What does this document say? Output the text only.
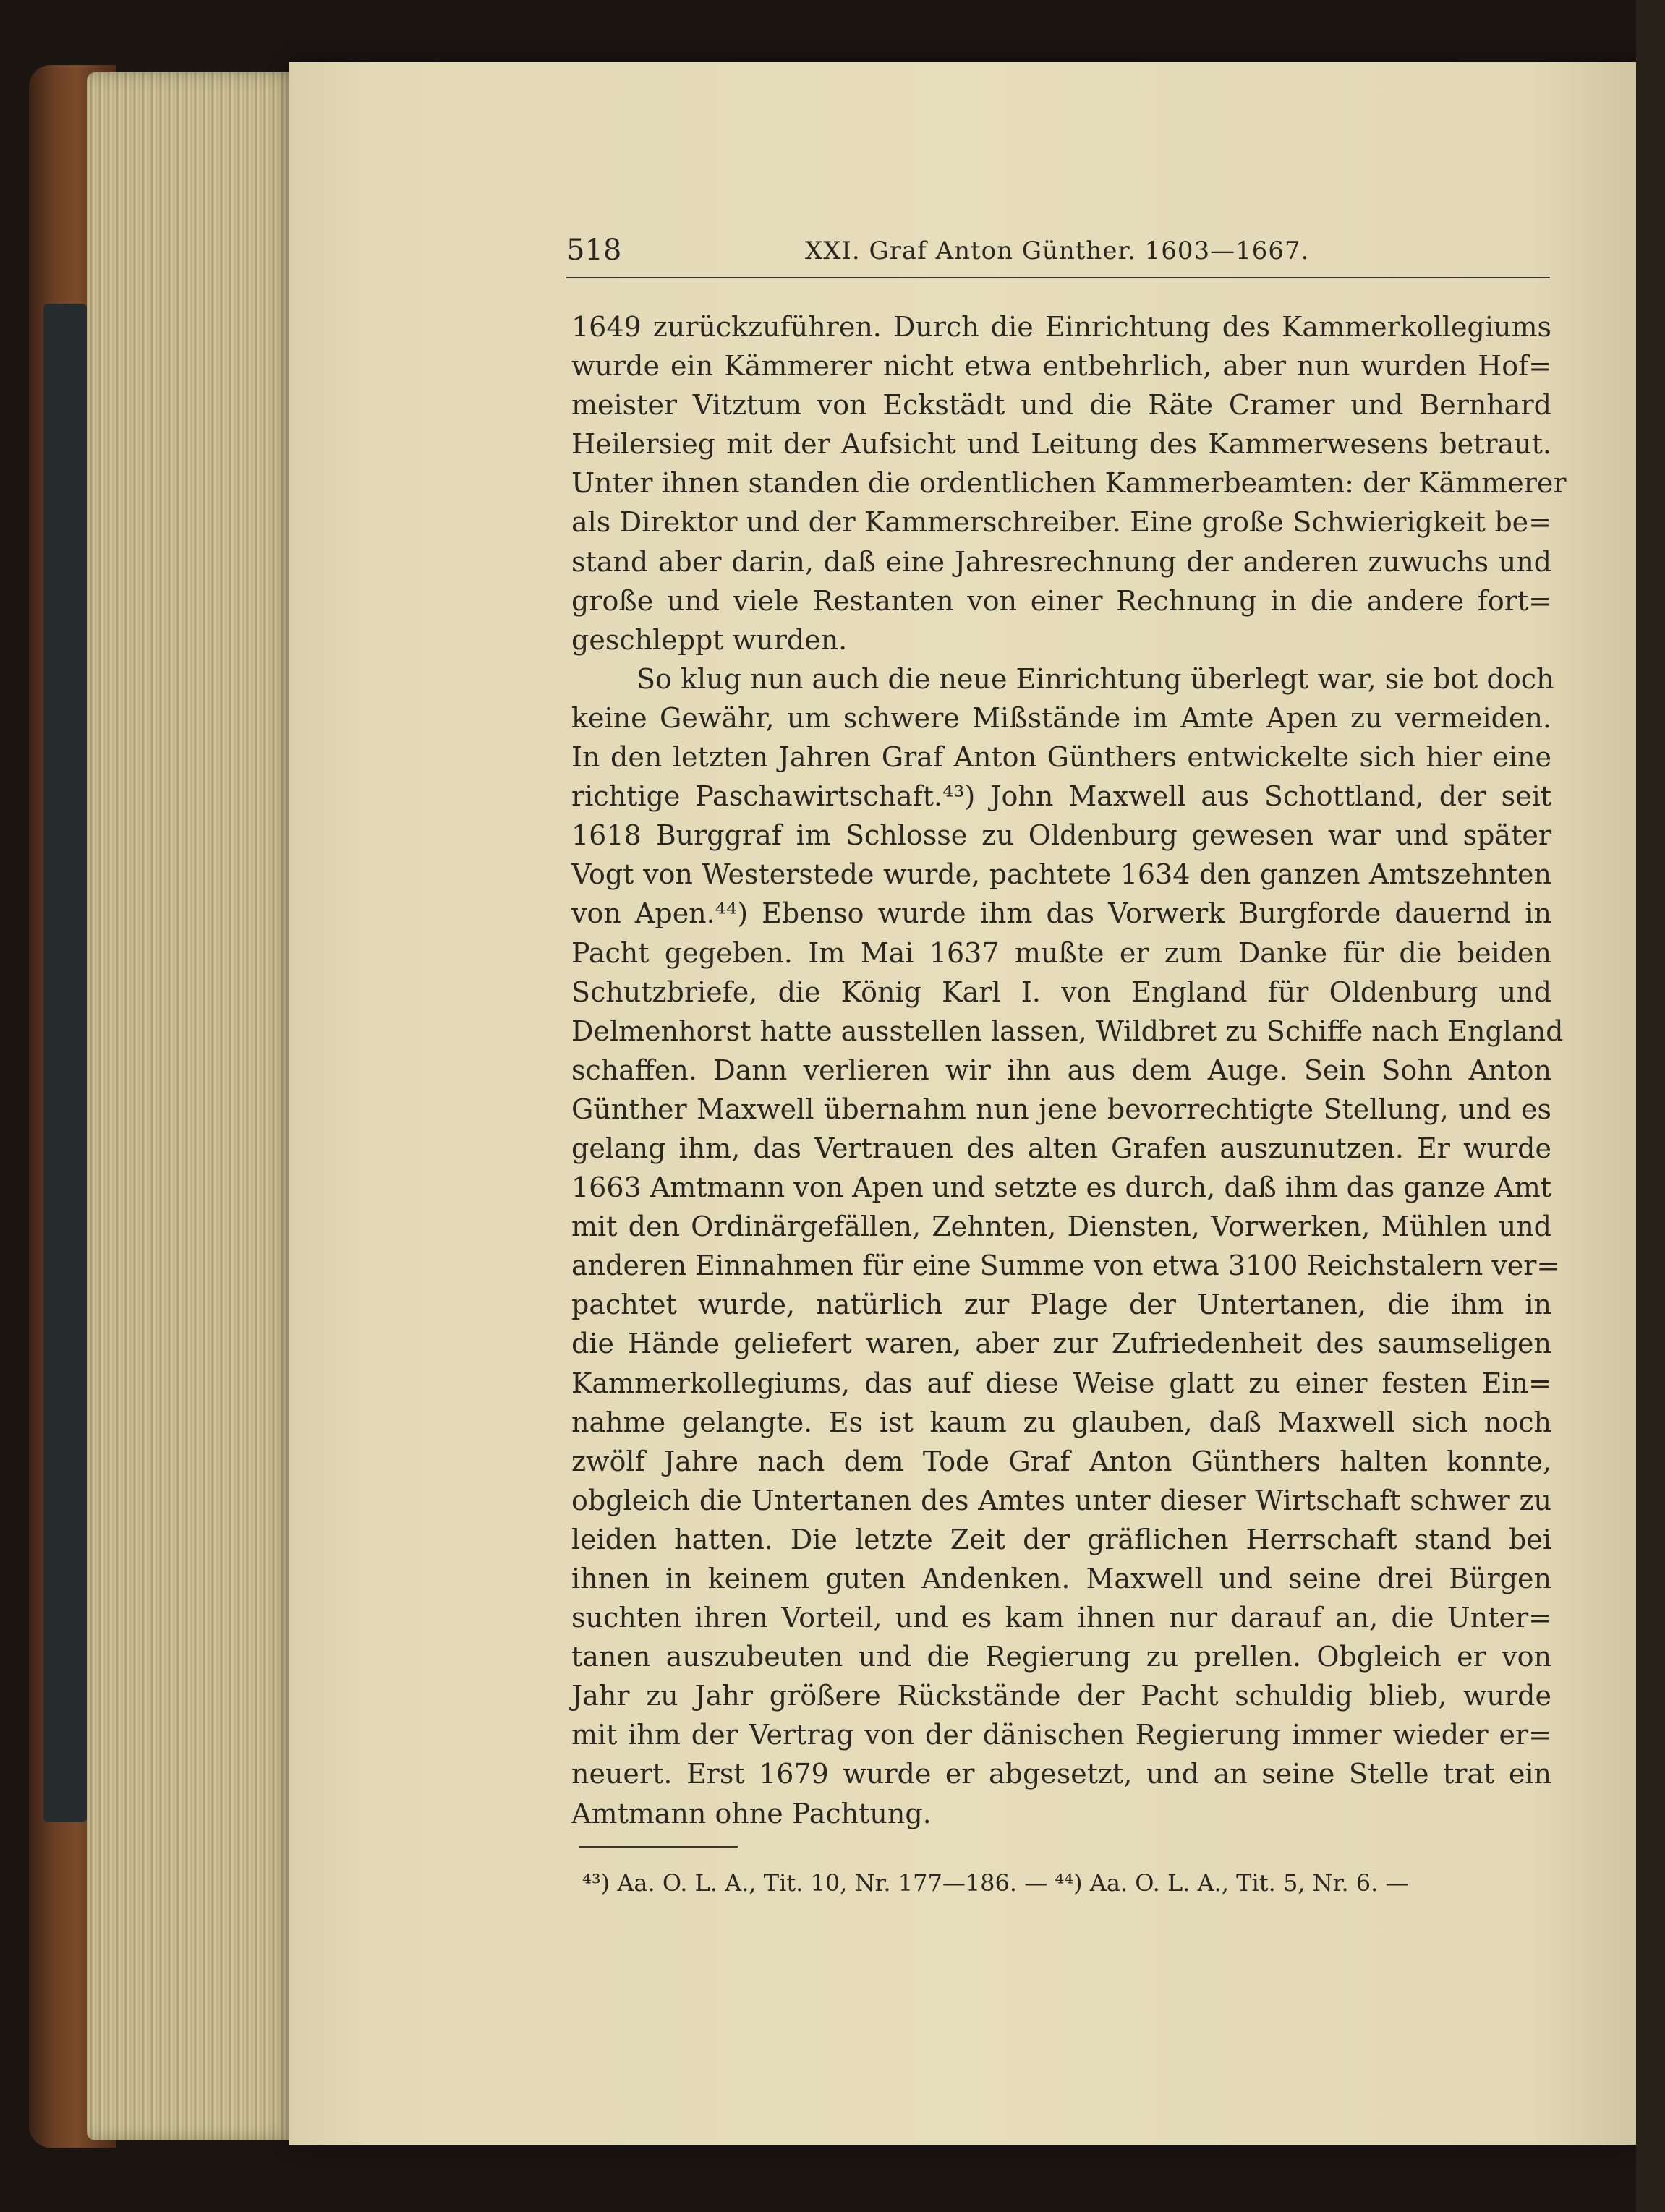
518	XXI. Graf Anton Günther. 1603—1667.
1649 zurückzuführen. Durch die Einrichtung des Kammerkollegiums
wurde ein Kämmerer nicht etwa entbehrlich, aber nun wurden Hof=
meister Vitztum von Eckstädt und die Räte Cramer und Bernhard
Heilersieg mit der Aufsicht und Leitung des Kammerwesens betraut.
Unter ihnen standen die ordentlichen Kammerbeamten: der Kämmerer
als Direktor und der Kammerschreiber. Eine große Schwierigkeit be=
stand aber darin, daß eine Jahresrechnung der anderen zuwuchs und
große und viele Restanten von einer Rechnung in die andere fort=
geschleppt wurden.
So klug nun auch die neue Einrichtung überlegt war, sie bot doch
keine Gewähr, um schwere Mißstände im Amte Apen zu vermeiden.
In den letzten Jahren Graf Anton Günthers entwickelte sich hier eine
richtige Paschawirtschaft.⁴³) John Maxwell aus Schottland, der seit
1618 Burggraf im Schlosse zu Oldenburg gewesen war und später
Vogt von Westerstede wurde, pachtete 1634 den ganzen Amtszehnten
von Apen.⁴⁴) Ebenso wurde ihm das Vorwerk Burgforde dauernd in
Pacht gegeben. Im Mai 1637 mußte er zum Danke für die beiden
Schutzbriefe, die König Karl I. von England für Oldenburg und
Delmenhorst hatte ausstellen lassen, Wildbret zu Schiffe nach England
schaffen. Dann verlieren wir ihn aus dem Auge. Sein Sohn Anton
Günther Maxwell übernahm nun jene bevorrechtigte Stellung, und es
gelang ihm, das Vertrauen des alten Grafen auszunutzen. Er wurde
1663 Amtmann von Apen und setzte es durch, daß ihm das ganze Amt
mit den Ordinärgefällen, Zehnten, Diensten, Vorwerken, Mühlen und
anderen Einnahmen für eine Summe von etwa 3100 Reichstalern ver=
pachtet wurde, natürlich zur Plage der Untertanen, die ihm in
die Hände geliefert waren, aber zur Zufriedenheit des saumseligen
Kammerkollegiums, das auf diese Weise glatt zu einer festen Ein=
nahme gelangte. Es ist kaum zu glauben, daß Maxwell sich noch
zwölf Jahre nach dem Tode Graf Anton Günthers halten konnte,
obgleich die Untertanen des Amtes unter dieser Wirtschaft schwer zu
leiden hatten. Die letzte Zeit der gräflichen Herrschaft stand bei
ihnen in keinem guten Andenken. Maxwell und seine drei Bürgen
suchten ihren Vorteil, und es kam ihnen nur darauf an, die Unter=
tanen auszubeuten und die Regierung zu prellen. Obgleich er von
Jahr zu Jahr größere Rückstände der Pacht schuldig blieb, wurde
mit ihm der Vertrag von der dänischen Regierung immer wieder er=
neuert. Erst 1679 wurde er abgesetzt, und an seine Stelle trat ein
Amtmann ohne Pachtung.
⁴³) Aa. O. L. A., Tit. 10, Nr. 177—186. — ⁴⁴) Aa. O. L. A., Tit. 5, Nr. 6. —
